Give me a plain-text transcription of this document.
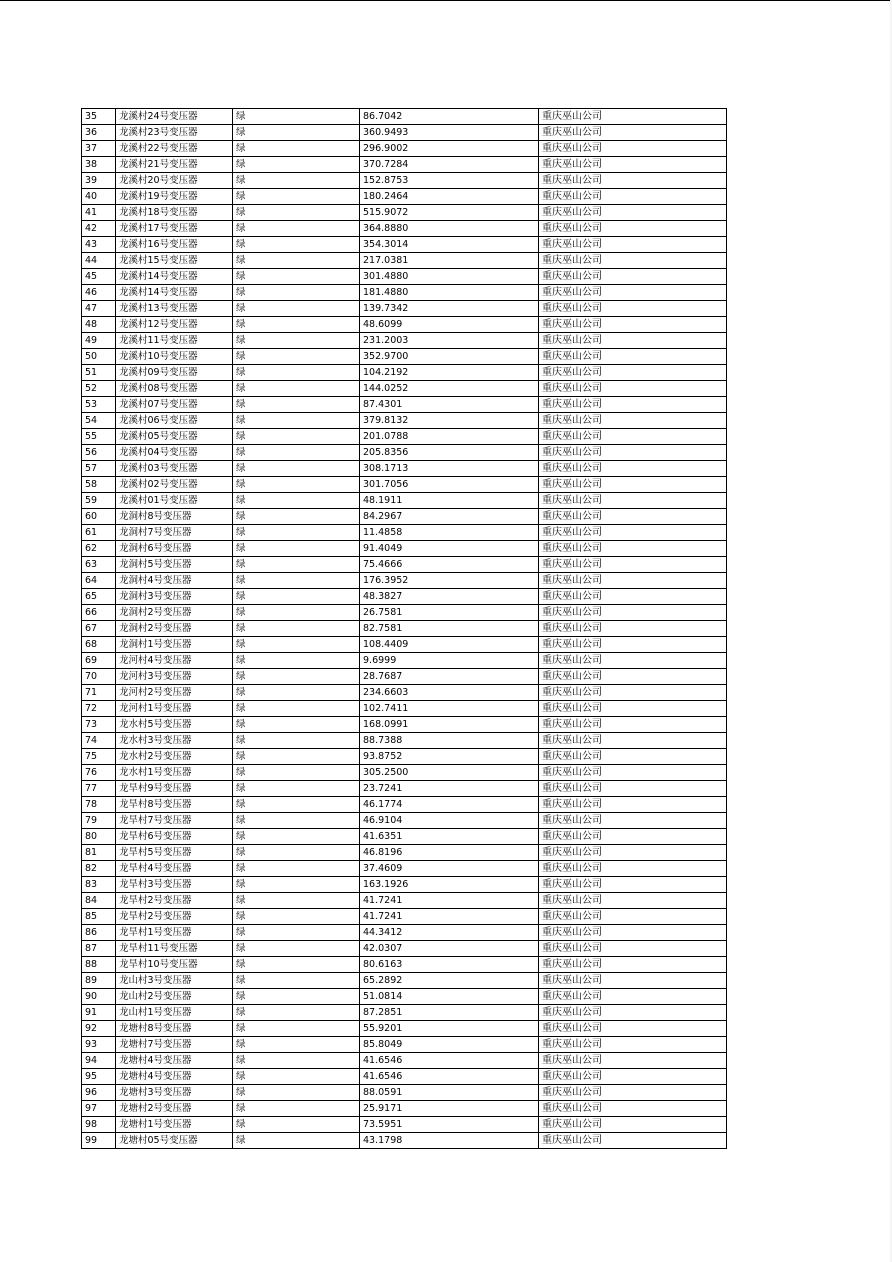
35	龙溪村24号变压器	绿	86.7042	重庆巫山公司
36	龙溪村23号变压器	绿	360.9493	重庆巫山公司
37	龙溪村22号变压器	绿	296.9002	重庆巫山公司
38	龙溪村21号变压器	绿	370.7284	重庆巫山公司
39	龙溪村20号变压器	绿	152.8753	重庆巫山公司
40	龙溪村19号变压器	绿	180.2464	重庆巫山公司
41	龙溪村18号变压器	绿	515.9072	重庆巫山公司
42	龙溪村17号变压器	绿	364.8880	重庆巫山公司
43	龙溪村16号变压器	绿	354.3014	重庆巫山公司
44	龙溪村15号变压器	绿	217.0381	重庆巫山公司
45	龙溪村14号变压器	绿	301.4880	重庆巫山公司
46	龙溪村14号变压器	绿	181.4880	重庆巫山公司
47	龙溪村13号变压器	绿	139.7342	重庆巫山公司
48	龙溪村12号变压器	绿	48.6099	重庆巫山公司
49	龙溪村11号变压器	绿	231.2003	重庆巫山公司
50	龙溪村10号变压器	绿	352.9700	重庆巫山公司
51	龙溪村09号变压器	绿	104.2192	重庆巫山公司
52	龙溪村08号变压器	绿	144.0252	重庆巫山公司
53	龙溪村07号变压器	绿	87.4301	重庆巫山公司
54	龙溪村06号变压器	绿	379.8132	重庆巫山公司
55	龙溪村05号变压器	绿	201.0788	重庆巫山公司
56	龙溪村04号变压器	绿	205.8356	重庆巫山公司
57	龙溪村03号变压器	绿	308.1713	重庆巫山公司
58	龙溪村02号变压器	绿	301.7056	重庆巫山公司
59	龙溪村01号变压器	绿	48.1911	重庆巫山公司
60	龙洞村8号变压器	绿	84.2967	重庆巫山公司
61	龙洞村7号变压器	绿	11.4858	重庆巫山公司
62	龙洞村6号变压器	绿	91.4049	重庆巫山公司
63	龙洞村5号变压器	绿	75.4666	重庆巫山公司
64	龙洞村4号变压器	绿	176.3952	重庆巫山公司
65	龙洞村3号变压器	绿	48.3827	重庆巫山公司
66	龙洞村2号变压器	绿	26.7581	重庆巫山公司
67	龙洞村2号变压器	绿	82.7581	重庆巫山公司
68	龙洞村1号变压器	绿	108.4409	重庆巫山公司
69	龙河村4号变压器	绿	9.6999	重庆巫山公司
70	龙河村3号变压器	绿	28.7687	重庆巫山公司
71	龙河村2号变压器	绿	234.6603	重庆巫山公司
72	龙河村1号变压器	绿	102.7411	重庆巫山公司
73	龙水村5号变压器	绿	168.0991	重庆巫山公司
74	龙水村3号变压器	绿	88.7388	重庆巫山公司
75	龙水村2号变压器	绿	93.8752	重庆巫山公司
76	龙水村1号变压器	绿	305.2500	重庆巫山公司
77	龙旱村9号变压器	绿	23.7241	重庆巫山公司
78	龙旱村8号变压器	绿	46.1774	重庆巫山公司
79	龙旱村7号变压器	绿	46.9104	重庆巫山公司
80	龙旱村6号变压器	绿	41.6351	重庆巫山公司
81	龙旱村5号变压器	绿	46.8196	重庆巫山公司
82	龙旱村4号变压器	绿	37.4609	重庆巫山公司
83	龙旱村3号变压器	绿	163.1926	重庆巫山公司
84	龙旱村2号变压器	绿	41.7241	重庆巫山公司
85	龙旱村2号变压器	绿	41.7241	重庆巫山公司
86	龙旱村1号变压器	绿	44.3412	重庆巫山公司
87	龙旱村11号变压器	绿	42.0307	重庆巫山公司
88	龙旱村10号变压器	绿	80.6163	重庆巫山公司
89	龙山村3号变压器	绿	65.2892	重庆巫山公司
90	龙山村2号变压器	绿	51.0814	重庆巫山公司
91	龙山村1号变压器	绿	87.2851	重庆巫山公司
92	龙塘村8号变压器	绿	55.9201	重庆巫山公司
93	龙塘村7号变压器	绿	85.8049	重庆巫山公司
94	龙塘村4号变压器	绿	41.6546	重庆巫山公司
95	龙塘村4号变压器	绿	41.6546	重庆巫山公司
96	龙塘村3号变压器	绿	88.0591	重庆巫山公司
97	龙塘村2号变压器	绿	25.9171	重庆巫山公司
98	龙塘村1号变压器	绿	73.5951	重庆巫山公司
99	龙塘村05号变压器	绿	43.1798	重庆巫山公司
